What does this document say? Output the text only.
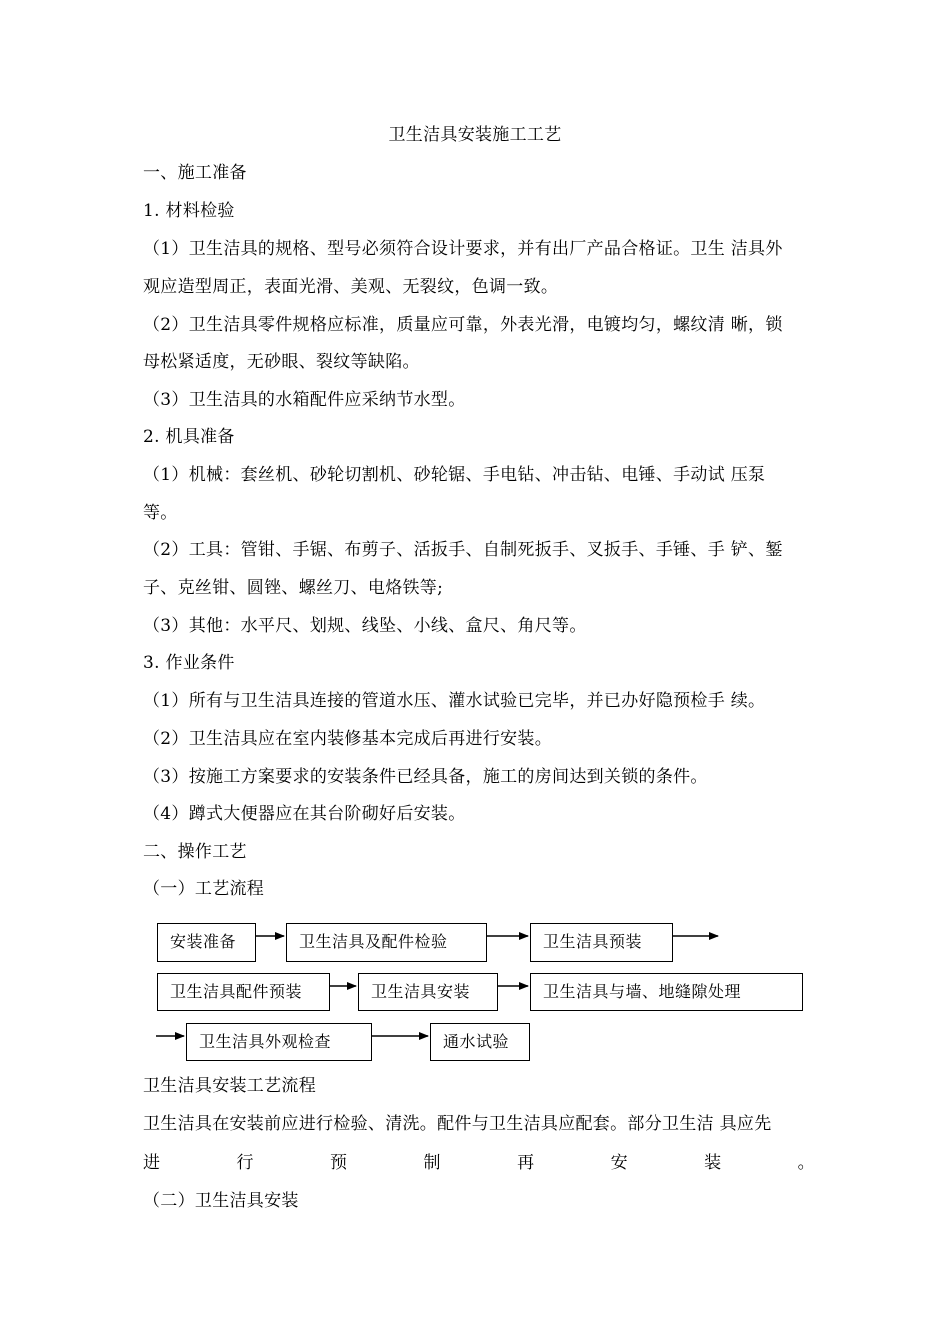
卫生洁具安装施工工艺
一、施工准备
1. 材料检验
（1）卫生洁具的规格、型号必须符合设计要求，并有出厂产品合格证。卫生 洁具外
观应造型周正，表面光滑、美观、无裂纹，色调一致。
（2）卫生洁具零件规格应标准，质量应可靠，外表光滑，电镀均匀，螺纹清 晰，锁
母松紧适度，无砂眼、裂纹等缺陷。
（3）卫生洁具的水箱配件应采纳节水型。
2. 机具准备
（1）机械：套丝机、砂轮切割机、砂轮锯、手电钻、冲击钻、电锤、手动试 压泵
等。
（2）工具：管钳、手锯、布剪子、活扳手、自制死扳手、叉扳手、手锤、手 铲、錾
子、克丝钳、圆锉、螺丝刀、电烙铁等;
（3）其他：水平尺、划规、线坠、小线、盒尺、角尺等。
3. 作业条件
（1）所有与卫生洁具连接的管道水压、灌水试验已完毕，并已办好隐预检手 续。
（2）卫生洁具应在室内装修基本完成后再进行安装。
（3）按施工方案要求的安装条件已经具备，施工的房间达到关锁的条件。
（4）蹲式大便器应在其台阶砌好后安装。
二、操作工艺
（一）工艺流程
安装准备	卫生洁具及配件检验	卫生洁具预装
卫生洁具配件预装	卫生洁具安装	卫生洁具与墙、地缝隙处理
卫生洁具外观检查	通水试验
卫生洁具安装工艺流程
卫生洁具在安装前应进行检验、清洗。配件与卫生洁具应配套。部分卫生洁 具应先
进	行	预	制	再	安	装	。
（二）卫生洁具安装
